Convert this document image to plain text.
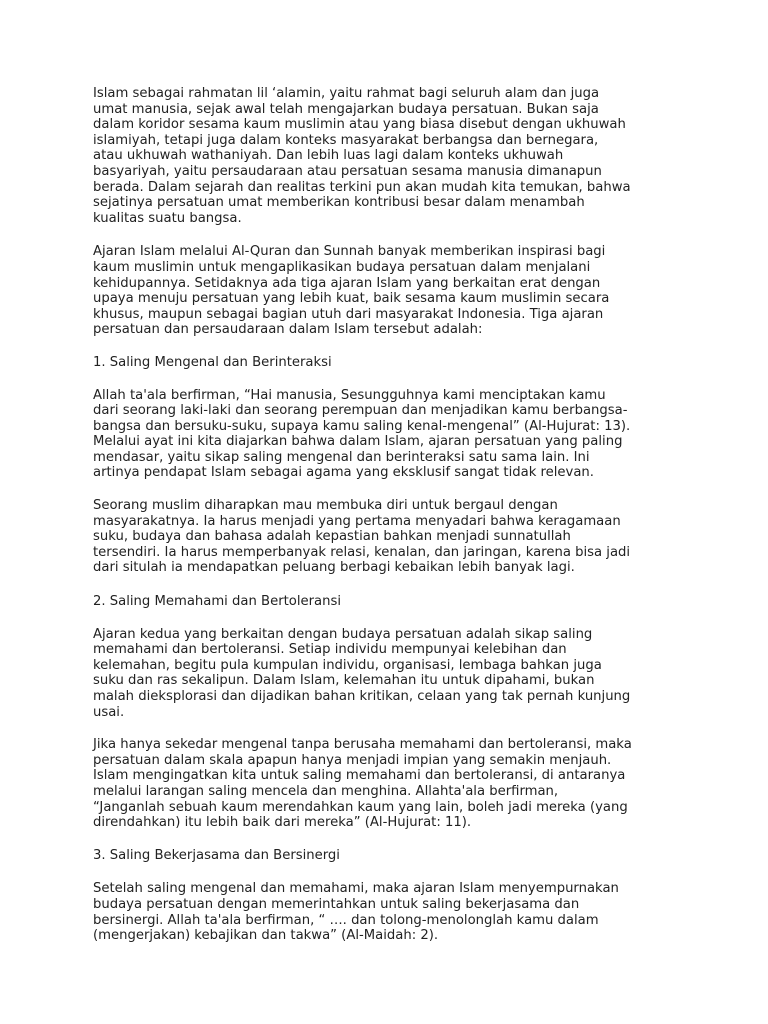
Islam sebagai rahmatan lil ‘alamin, yaitu rahmat bagi seluruh alam dan juga
umat manusia, sejak awal telah mengajarkan budaya persatuan. Bukan saja
dalam koridor sesama kaum muslimin atau yang biasa disebut dengan ukhuwah
islamiyah, tetapi juga dalam konteks masyarakat berbangsa dan bernegara,
atau ukhuwah wathaniyah. Dan lebih luas lagi dalam konteks ukhuwah
basyariyah, yaitu persaudaraan atau persatuan sesama manusia dimanapun
berada. Dalam sejarah dan realitas terkini pun akan mudah kita temukan, bahwa
sejatinya persatuan umat memberikan kontribusi besar dalam menambah
kualitas suatu bangsa.
Ajaran Islam melalui Al-Quran dan Sunnah banyak memberikan inspirasi bagi
kaum muslimin untuk mengaplikasikan budaya persatuan dalam menjalani
kehidupannya. Setidaknya ada tiga ajaran Islam yang berkaitan erat dengan
upaya menuju persatuan yang lebih kuat, baik sesama kaum muslimin secara
khusus, maupun sebagai bagian utuh dari masyarakat Indonesia. Tiga ajaran
persatuan dan persaudaraan dalam Islam tersebut adalah:
1. Saling Mengenal dan Berinteraksi
Allah ta'ala berfirman, “Hai manusia, Sesungguhnya kami menciptakan kamu
dari seorang laki-laki dan seorang perempuan dan menjadikan kamu berbangsa-
bangsa dan bersuku-suku, supaya kamu saling kenal-mengenal” (Al-Hujurat: 13).
Melalui ayat ini kita diajarkan bahwa dalam Islam, ajaran persatuan yang paling
mendasar, yaitu sikap saling mengenal dan berinteraksi satu sama lain. Ini
artinya pendapat Islam sebagai agama yang eksklusif sangat tidak relevan.
Seorang muslim diharapkan mau membuka diri untuk bergaul dengan
masyarakatnya. Ia harus menjadi yang pertama menyadari bahwa keragamaan
suku, budaya dan bahasa adalah kepastian bahkan menjadi sunnatullah
tersendiri. Ia harus memperbanyak relasi, kenalan, dan jaringan, karena bisa jadi
dari situlah ia mendapatkan peluang berbagi kebaikan lebih banyak lagi.
2. Saling Memahami dan Bertoleransi
Ajaran kedua yang berkaitan dengan budaya persatuan adalah sikap saling
memahami dan bertoleransi. Setiap individu mempunyai kelebihan dan
kelemahan, begitu pula kumpulan individu, organisasi, lembaga bahkan juga
suku dan ras sekalipun. Dalam Islam, kelemahan itu untuk dipahami, bukan
malah dieksplorasi dan dijadikan bahan kritikan, celaan yang tak pernah kunjung
usai.
Jika hanya sekedar mengenal tanpa berusaha memahami dan bertoleransi, maka
persatuan dalam skala apapun hanya menjadi impian yang semakin menjauh.
Islam mengingatkan kita untuk saling memahami dan bertoleransi, di antaranya
melalui larangan saling mencela dan menghina. Allahta'ala berfirman,
“Janganlah sebuah kaum merendahkan kaum yang lain, boleh jadi mereka (yang
direndahkan) itu lebih baik dari mereka” (Al-Hujurat: 11).
3. Saling Bekerjasama dan Bersinergi
Setelah saling mengenal dan memahami, maka ajaran Islam menyempurnakan
budaya persatuan dengan memerintahkan untuk saling bekerjasama dan
bersinergi. Allah ta'ala berfirman, “ …. dan tolong-menolonglah kamu dalam
(mengerjakan) kebajikan dan takwa” (Al-Maidah: 2).
